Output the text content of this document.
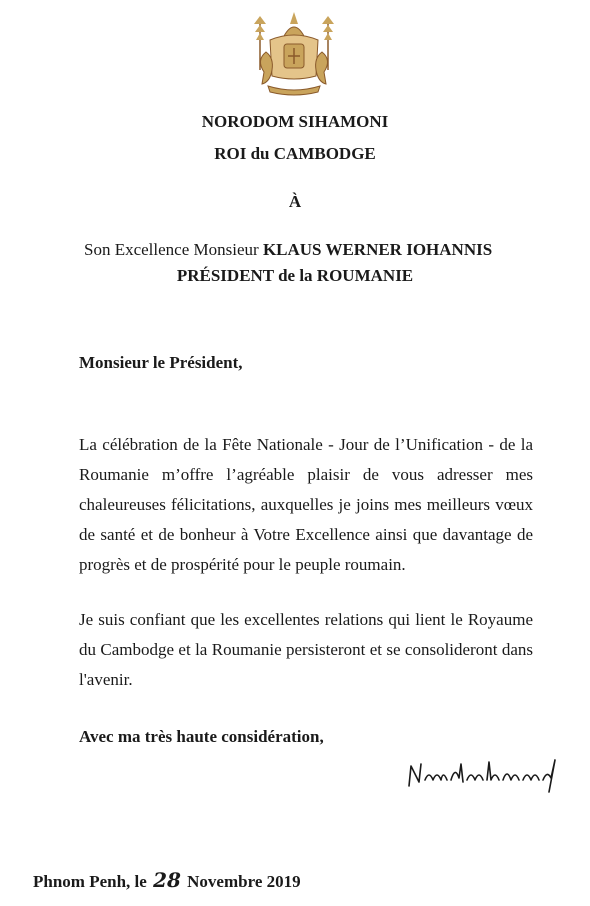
NORODOM SIHAMONI
ROI du CAMBODGE
À
Son Excellence Monsieur KLAUS WERNER IOHANNIS
PRÉSIDENT de la ROUMANIE
Monsieur le Président,
La célébration de la Fête Nationale - Jour de l’Unification - de la Roumanie m’offre l’agréable plaisir de vous adresser mes chaleureuses félicitations, auxquelles je joins mes meilleurs vœux de santé et de bonheur à Votre Excellence ainsi que davantage de progrès et de prospérité pour le peuple roumain.
Je suis confiant que les excellentes relations qui lient le Royaume du Cambodge et la Roumanie persisteront et se consolideront dans l'avenir.
Avec ma très haute considération,
Phnom Penh, le 28 Novembre 2019
